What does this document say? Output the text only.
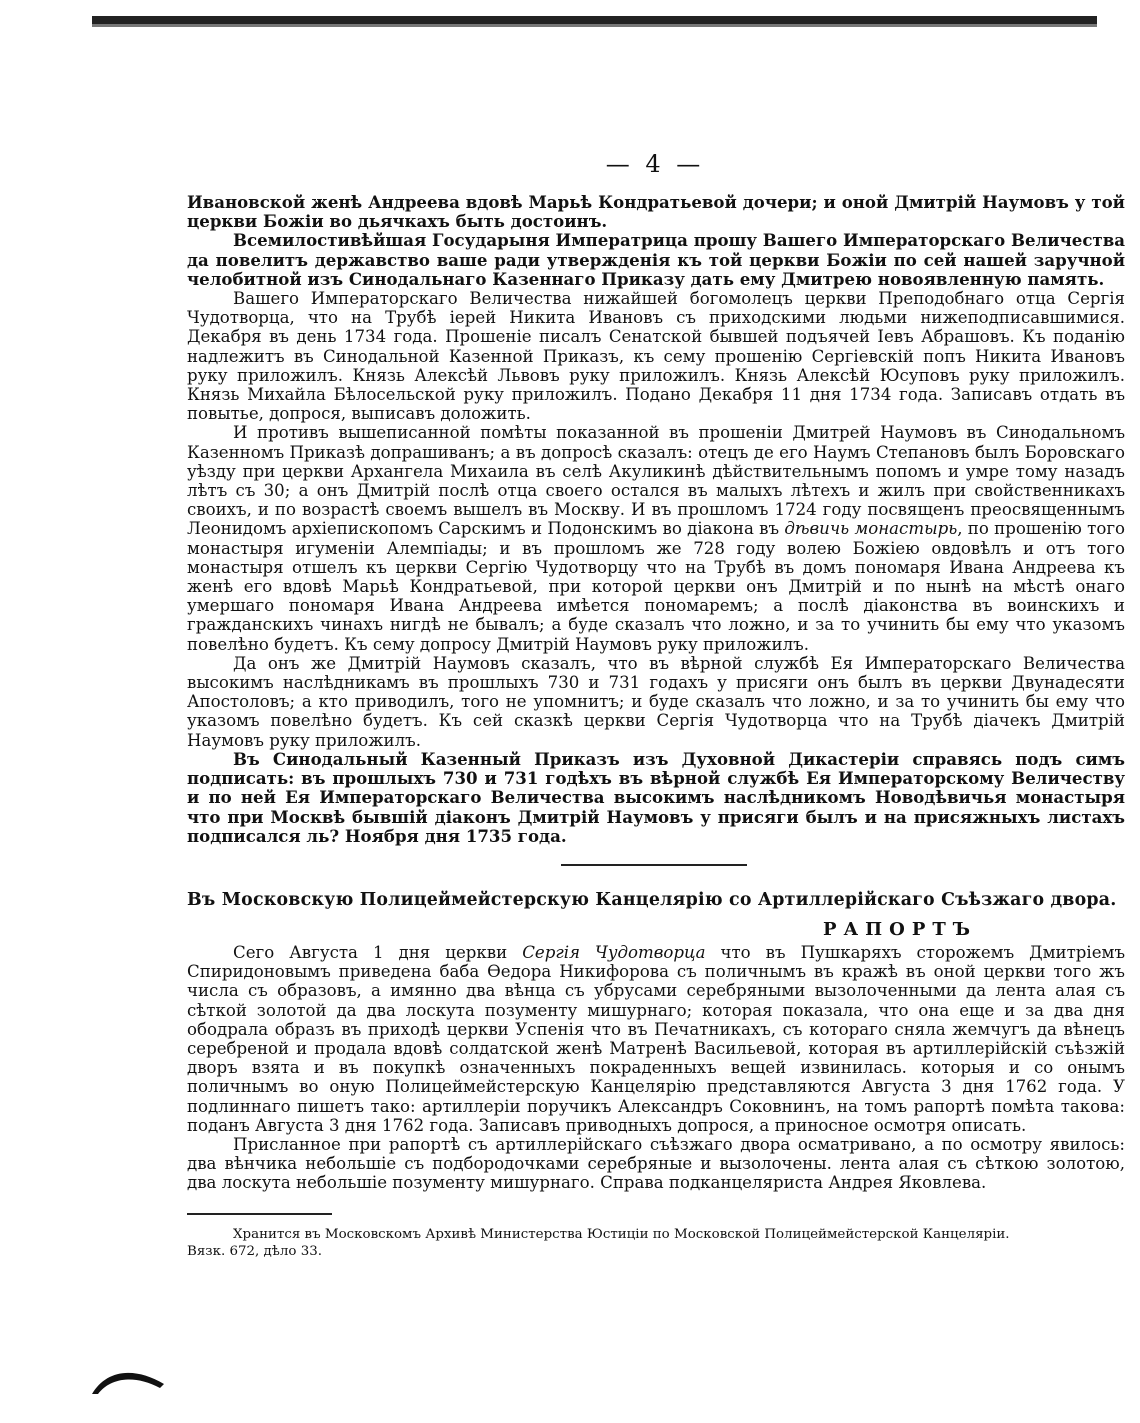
— 4 —

Ивановской женѣ Андреева вдовѣ Марьѣ Кондратьевой дочери; и оной Дмитрій Наумовъ у той церкви Божіи во дьячкахъ быть достоинъ.

Всемилостивѣйшая Государыня Императрица прошу Вашего Императорскаго Величества да повелитъ державство ваше ради утвержденія къ той церкви Божіи по сей нашей заручной челобитной изъ Синодальнаго Казеннаго Приказу дать ему Дмитрею новоявленную память.

Вашего Императорскаго Величества нижайшей богомолецъ церкви Преподобнаго отца Сергія Чудотворца, что на Трубѣ іерей Никита Ивановъ съ приходскими людьми нижеподписавшимися. Декабря въ день 1734 года. Прошеніе писалъ Сенатской бывшей подъячей Іевъ Абрашовъ. Къ поданію надлежитъ въ Синодальной Казенной Приказъ, къ сему прошенію Сергіевскій попъ Никита Ивановъ руку приложилъ. Князь Алексѣй Львовъ руку приложилъ. Князь Алексѣй Юсуповъ руку приложилъ. Князь Михайла Бѣлосельской руку приложилъ. Подано Декабря 11 дня 1734 года. Записавъ отдать въ повытье, допрося, выписавъ доложить.

И противъ вышеписанной помѣты показанной въ прошеніи Дмитрей Наумовъ въ Синодальномъ Казенномъ Приказѣ допрашиванъ; а въ допросѣ сказалъ: отецъ де его Наумъ Степановъ былъ Боровскаго уѣзду при церкви Архангела Михаила въ селѣ Акуликинѣ дѣйствительнымъ попомъ и умре тому назадъ лѣтъ съ 30; а онъ Дмитрій послѣ отца своего остался въ малыхъ лѣтехъ и жилъ при свойственникахъ своихъ, и по возрастѣ своемъ вышелъ въ Москву. И въ прошломъ 1724 году посвященъ преосвященнымъ Леонидомъ архіепископомъ Сарскимъ и Подонскимъ во діакона въ дѣвичь монастырь, по прошенію того монастыря игуменіи Алемпіады; и въ прошломъ же 728 году волею Божіею овдовѣлъ и отъ того монастыря отшелъ къ церкви Сергію Чудотворцу что на Трубѣ въ домъ пономаря Ивана Андреева къ женѣ его вдовѣ Марьѣ Кондратьевой, при которой церкви онъ Дмитрій и по нынѣ на мѣстѣ онаго умершаго пономаря Ивана Андреева имѣется пономаремъ; а послѣ діаконства въ воинскихъ и гражданскихъ чинахъ нигдѣ не бывалъ; а буде сказалъ что ложно, и за то учинить бы ему что указомъ повелѣно будетъ. Къ сему допросу Дмитрій Наумовъ руку приложилъ.

Да онъ же Дмитрій Наумовъ сказалъ, что въ вѣрной службѣ Ея Императорскаго Величества высокимъ наслѣдникамъ въ прошлыхъ 730 и 731 годахъ у присяги онъ былъ въ церкви Двунадесяти Апостоловъ; а кто приводилъ, того не упомнитъ; и буде сказалъ что ложно, и за то учинить бы ему что указомъ повелѣно будетъ. Къ сей сказкѣ церкви Сергія Чудотворца что на Трубѣ діачекъ Дмитрій Наумовъ руку приложилъ.

Въ Синодальный Казенный Приказъ изъ Духовной Дикастеріи справясь подъ симъ подписать: въ прошлыхъ 730 и 731 годѣхъ въ вѣрной службѣ Ея Императорскому Величеству и по ней Ея Императорскаго Величества высокимъ наслѣдникомъ Новодѣвичья монастыря что при Москвѣ бывшій діаконъ Дмитрій Наумовъ у присяги былъ и на присяжныхъ листахъ подписался ль? Ноября дня 1735 года.

Въ Московскую Полицеймейстерскую Канцелярію со Артиллерійскаго Съѣзжаго двора.
РАПОРТЪ

Сего Августа 1 дня церкви Сергія Чудотворца что въ Пушкаряхъ сторожемъ Дмитріемъ Спиридоновымъ приведена баба Ѳедора Никифорова съ поличнымъ въ кражѣ въ оной церкви того жъ числа съ образовъ, а имянно два вѣнца съ убрусами серебряными вызолоченными да лента алая съ сѣткой золотой да два лоскута позументу мишурнаго; которая показала, что она еще и за два дня ободрала образъ въ приходѣ церкви Успенія что въ Печатникахъ, съ котораго сняла жемчугъ да вѣнецъ серебреной и продала вдовѣ солдатской женѣ Матренѣ Васильевой, которая въ артиллерійскій съѣзжій дворъ взята и въ покупкѣ означенныхъ покраденныхъ вещей извинилась. которыя и со онымъ поличнымъ во оную Полицеймейстерскую Канцелярію представляются Августа 3 дня 1762 года. У подлиннаго пишетъ тако: артиллеріи поручикъ Александръ Соковнинъ, на томъ рапортѣ помѣта такова: поданъ Августа 3 дня 1762 года. Записавъ приводныхъ допрося, а приносное осмотря описать.

Присланное при рапортѣ съ артиллерійскаго съѣзжаго двора осматривано, а по осмотру явилось: два вѣнчика небольшіе съ подбородочками серебряные и вызолочены. лента алая съ сѣткою золотою, два лоскута небольшіе позументу мишурнаго. Справа подканцеляриста Андрея Яковлева.

Хранится въ Московскомъ Архивѣ Министерства Юстиціи по Московской Полицеймейстерской Канцеляріи.
Вязк. 672, дѣло 33.
